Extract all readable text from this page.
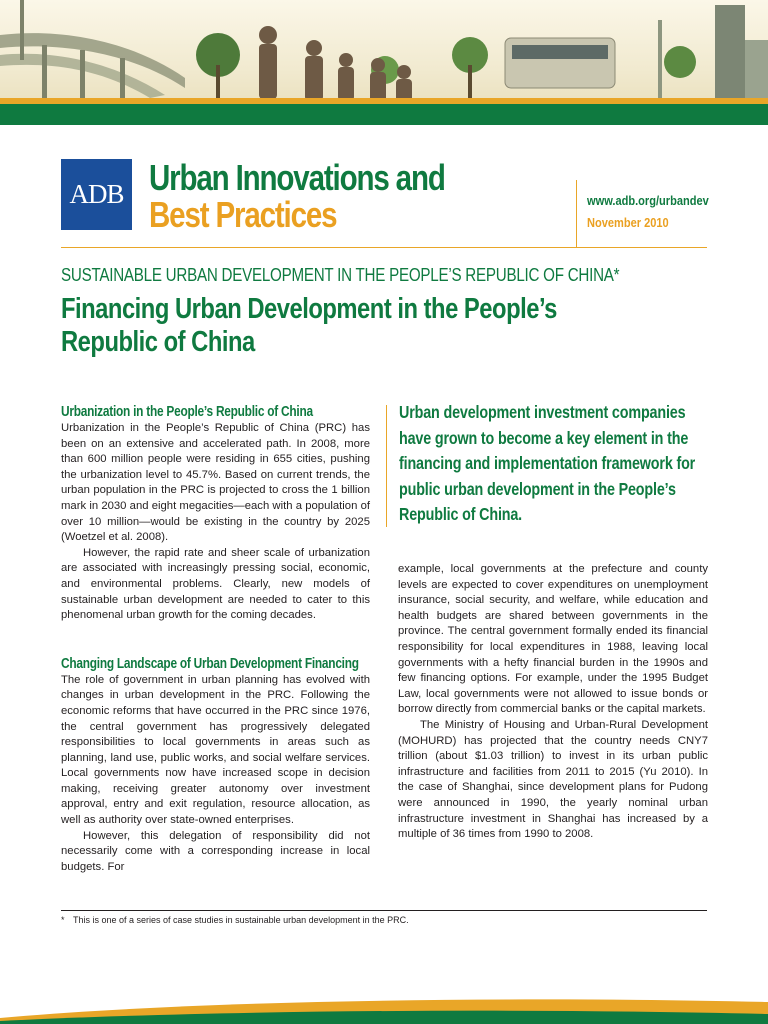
ADB Urban Innovations and
Best Practices	www.adb.org/urbandev
November 2010
SUSTAINABLE URBAN DEVELOPMENT IN THE PEOPLE’S REPUBLIC OF CHINA*
Financing Urban Development in the People’s Republic of China
Urbanization in the People’s Republic of China

Urbanization in the People’s Republic of China (PRC) has been on an extensive and accelerated path. In 2008, more than 600 million people were residing in 655 cities, pushing the urbanization level to 45.7%. Based on current trends, the urban population in the PRC is projected to cross the 1 billion mark in 2030 and eight megacities—each with a population of over 10 million—would be existing in the country by 2025 (Woetzel et al. 2008).

However, the rapid rate and sheer scale of urbanization are associated with increasingly pressing social, economic, and environmental problems. Clearly, new models of sustainable urban development are needed to cater to this phenomenal urban growth for the coming decades.

Changing Landscape of Urban Development Financing

The role of government in urban planning has evolved with changes in urban development in the PRC. Following the economic reforms that have occurred in the PRC since 1976, the central government has progressively delegated responsibilities to local governments in areas such as planning, land use, public works, and social welfare services. Local governments now have increased scope in decision making, receiving greater autonomy over investment approval, entry and exit regulation, resource allocation, as well as authority over state-owned enterprises.

However, this delegation of responsibility did not necessarily come with a corresponding increase in local budgets. For

Urban development investment companies have grown to become a key element in the financing and implementation framework for public urban development in the People’s Republic of China.

example, local governments at the prefecture and county levels are expected to cover expenditures on unemployment insurance, social security, and welfare, while education and health budgets are shared between governments in the province. The central government formally ended its financial responsibility for local expenditures in 1988, leaving local governments with a hefty financial burden in the 1990s and few financing options. For example, under the 1995 Budget Law, local governments were not allowed to issue bonds or borrow directly from commercial banks or the capital markets.

The Ministry of Housing and Urban-Rural Development (MOHURD) has projected that the country needs CNY7 trillion (about $1.03 trillion) to invest in its urban public infrastructure and facilities from 2011 to 2015 (Yu 2010). In the case of Shanghai, since development plans for Pudong were announced in 1990, the yearly nominal urban infrastructure investment in Shanghai has increased by a multiple of 36 times from 1990 to 2008.

* This is one of a series of case studies in sustainable urban development in the PRC.
